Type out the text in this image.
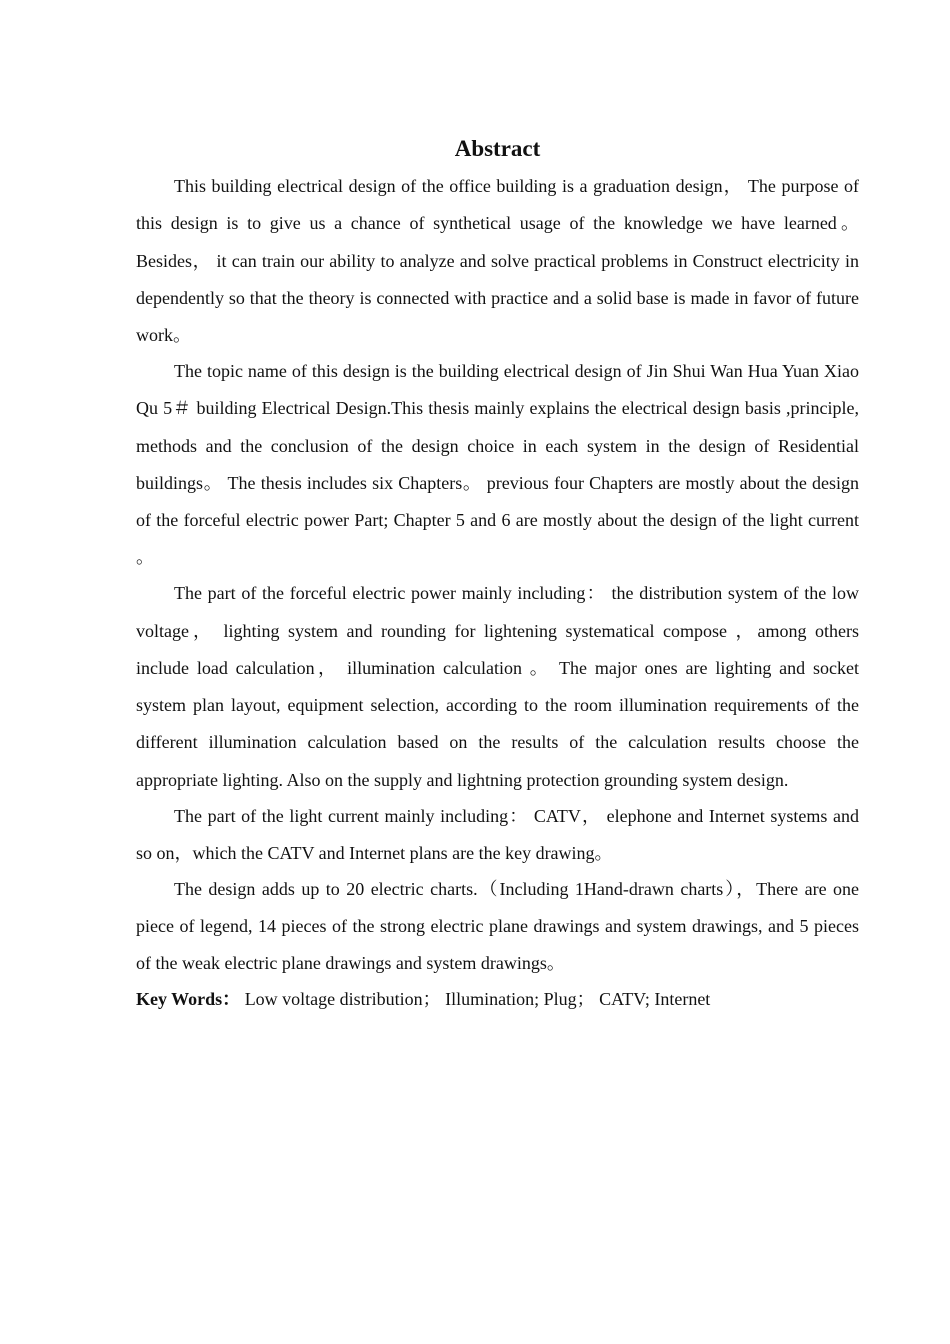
Abstract

This building electrical design of the office building is a graduation design， The purpose of this design is to give us a chance of synthetical usage of the knowledge we have learned。 Besides， it can train our ability to analyze and solve practical problems in Construct electricity in dependently so that the theory is connected with practice and a solid base is made in favor of future work。

The topic name of this design is the building electrical design of Jin Shui Wan Hua Yuan Xiao Qu 5＃ building Electrical Design.This thesis mainly explains the electrical design basis ,principle, methods and the conclusion of the design choice in each system in the design of Residential buildings。 The thesis includes six Chapters。 previous four Chapters are mostly about the design of the forceful electric power Part; Chapter 5 and 6 are mostly about the design of the light current 。

The part of the forceful electric power mainly including： the distribution system of the low voltage， lighting system and rounding for lightening systematical compose ，among others include load calculation， illumination calculation 。 The major ones are lighting and socket system plan layout, equipment selection, according to the room illumination requirements of the different illumination calculation based on the results of the calculation results choose the appropriate lighting. Also on the supply and lightning protection grounding system design.

The part of the light current mainly including： CATV， elephone and Internet systems and so on，which the CATV and Internet plans are the key drawing。

The design adds up to 20 electric charts.（Including 1Hand-drawn charts），There are one piece of legend, 14 pieces of the strong electric plane drawings and system drawings, and 5 pieces of the weak electric plane drawings and system drawings。

Key Words： Low voltage distribution； Illumination; Plug； CATV; Internet
